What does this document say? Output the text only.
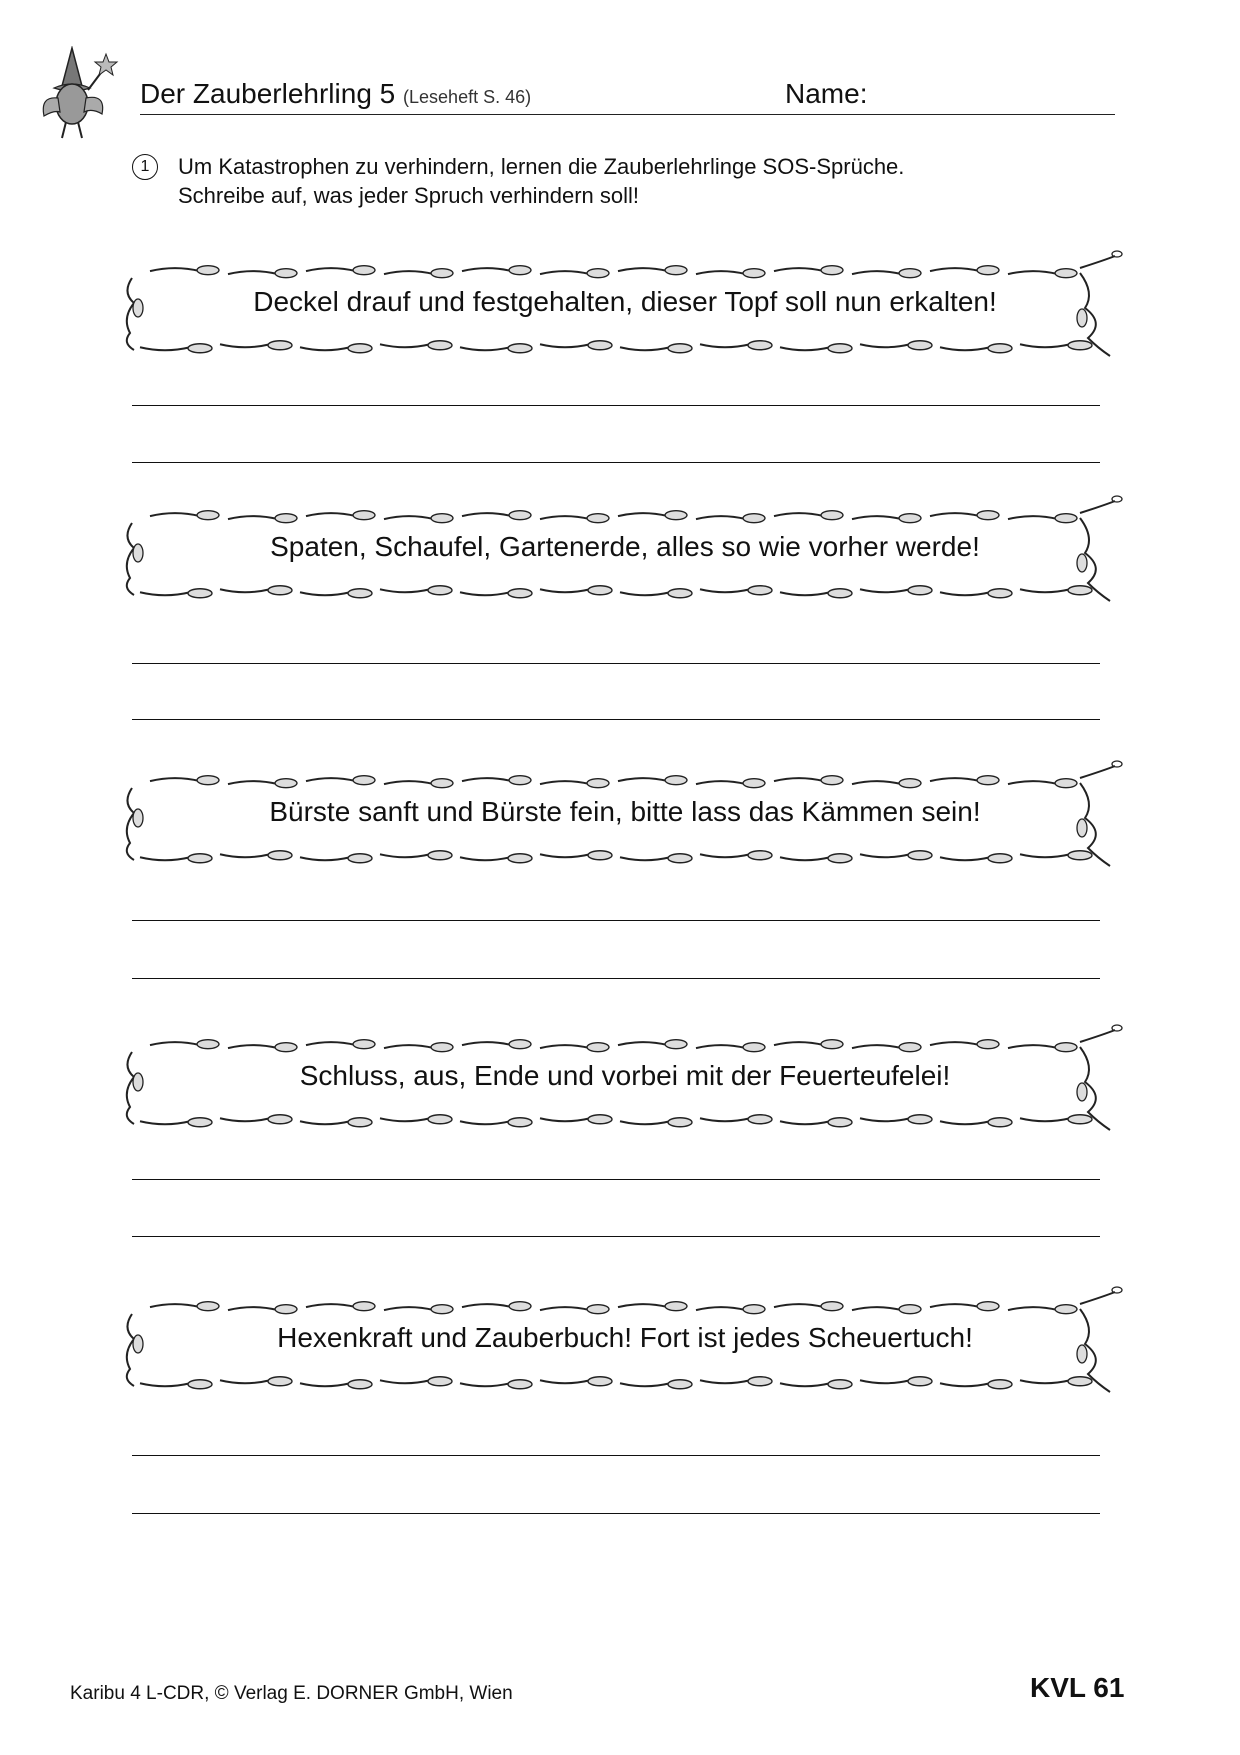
Der Zauberlehrling 5 (Leseheft S. 46)	Name:
1	Um Katastrophen zu verhindern, lernen die Zauberlehrlinge SOS-Sprüche.
Schreibe auf, was jeder Spruch verhindern soll!
Deckel drauf und festgehalten, dieser Topf soll nun erkalten!
Spaten, Schaufel, Gartenerde, alles so wie vorher werde!
Bürste sanft und Bürste fein, bitte lass das Kämmen sein!
Schluss, aus, Ende und vorbei mit der Feuerteufelei!
Hexenkraft und Zauberbuch! Fort ist jedes Scheuertuch!
Karibu 4 L-CDR, © Verlag E. DORNER GmbH, Wien	KVL 61
